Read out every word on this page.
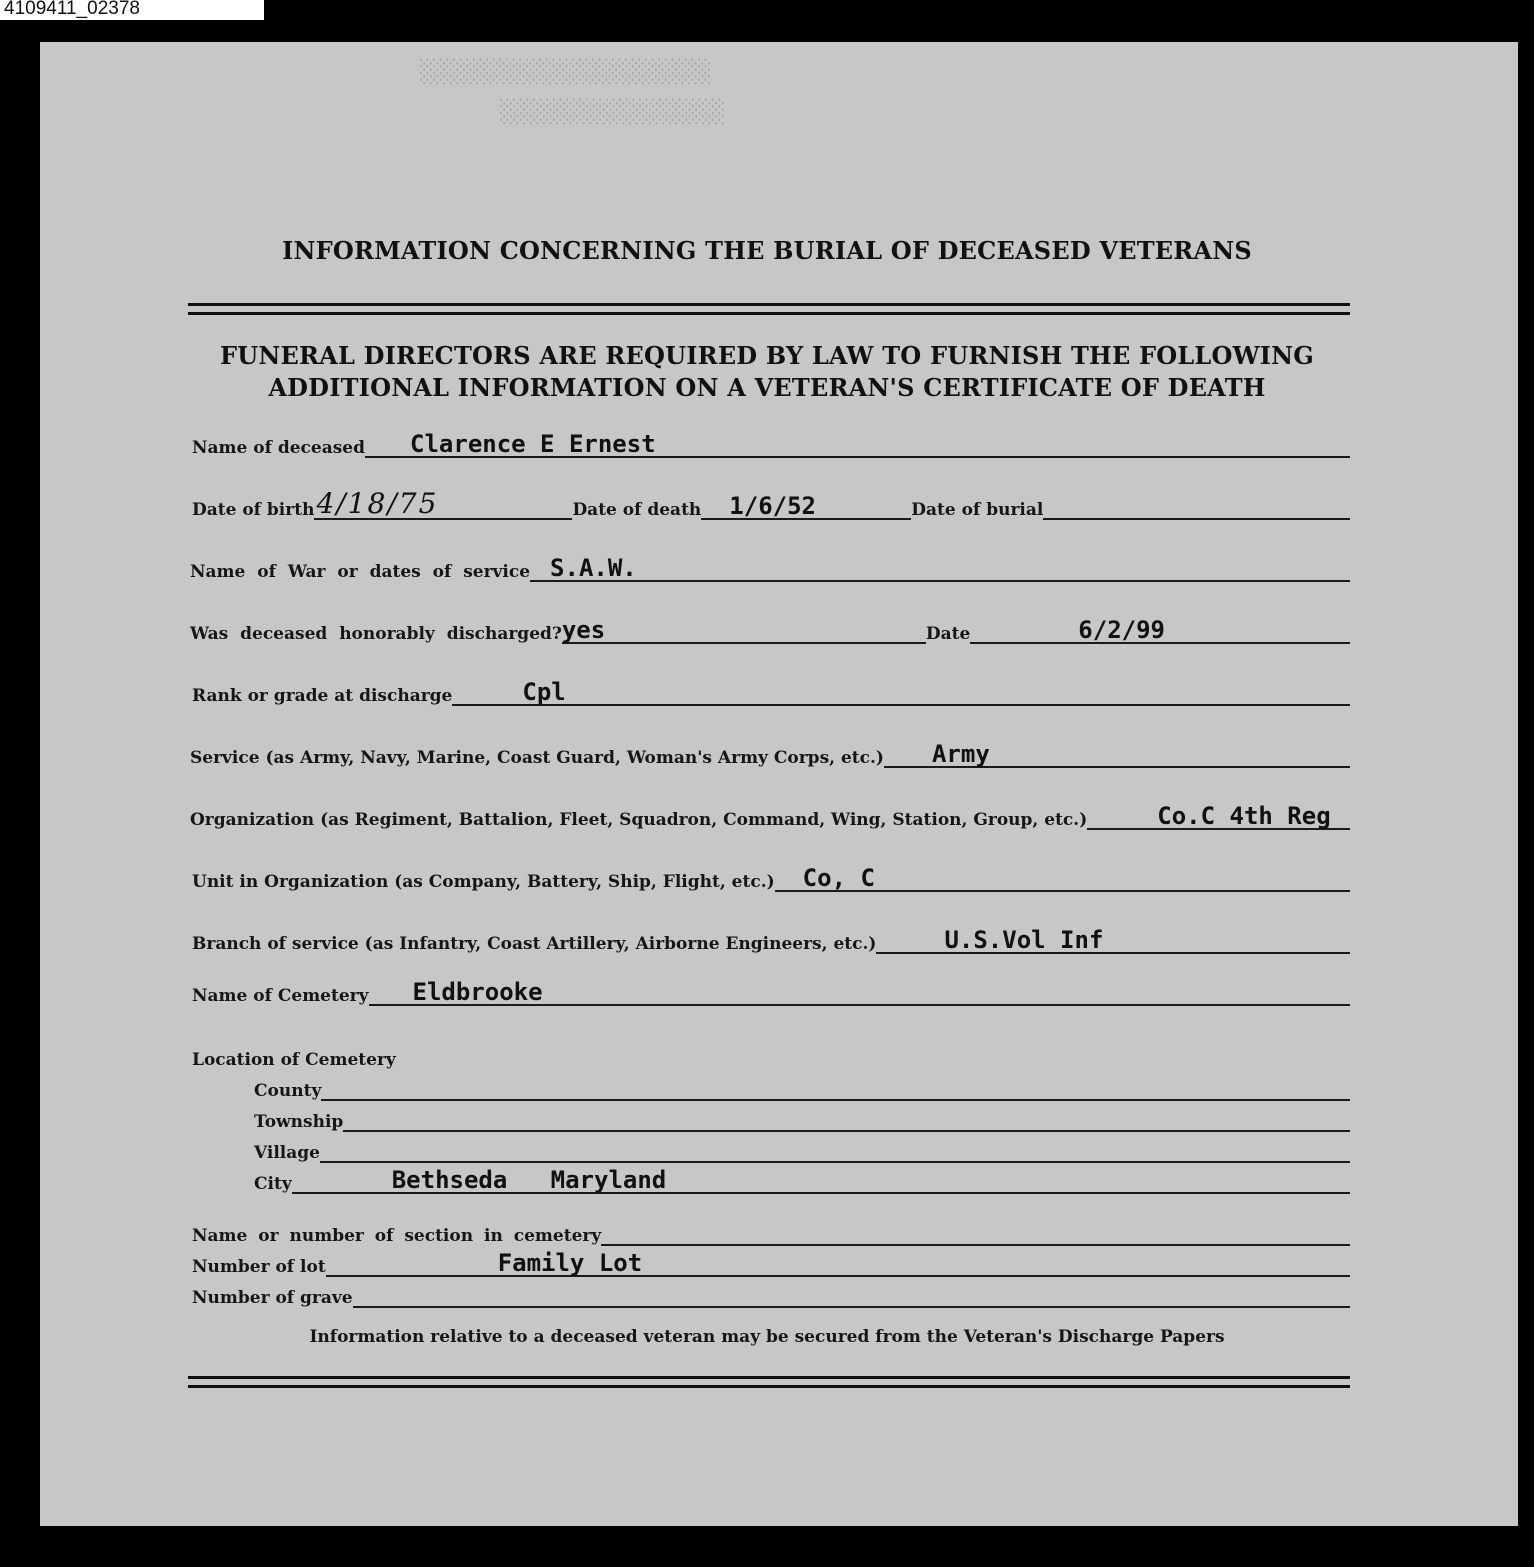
4109411_02378
░░░░░░░░░░░░░░░░░░░░░░
░░░░░░░░░░░░░░░░░
INFORMATION CONCERNING THE BURIAL OF DECEASED VETERANS
FUNERAL DIRECTORS ARE REQUIRED BY LAW TO FURNISH THE FOLLOWING
ADDITIONAL INFORMATION ON A VETERAN'S CERTIFICATE OF DEATH
Name of deceased Clarence E Ernest
Date of birth 4/18/75	Date of death 1/6/52	Date of burial
Name of War or dates of service S.A.W.
Was deceased honorably discharged? yes	Date	6/2/99
Rank or grade at discharge	Cpl
Service (as Army, Navy, Marine, Coast Guard, Woman's Army Corps, etc.) Army
Organization (as Regiment, Battalion, Fleet, Squadron, Command, Wing, Station, Group, etc.)	Co.C 4th Reg
Unit in Organization (as Company, Battery, Ship, Flight, etc.) Co, C
Branch of service (as Infantry, Coast Artillery, Airborne Engineers, etc.)	U.S.Vol Inf
Name of Cemetery Eldbrooke
Location of Cemetery
County
Township
Village
City	Bethseda   Maryland
Name or number of section in cemetery
Number of lot	Family Lot
Number of grave
Information relative to a deceased veteran may be secured from the Veteran's Discharge Papers
